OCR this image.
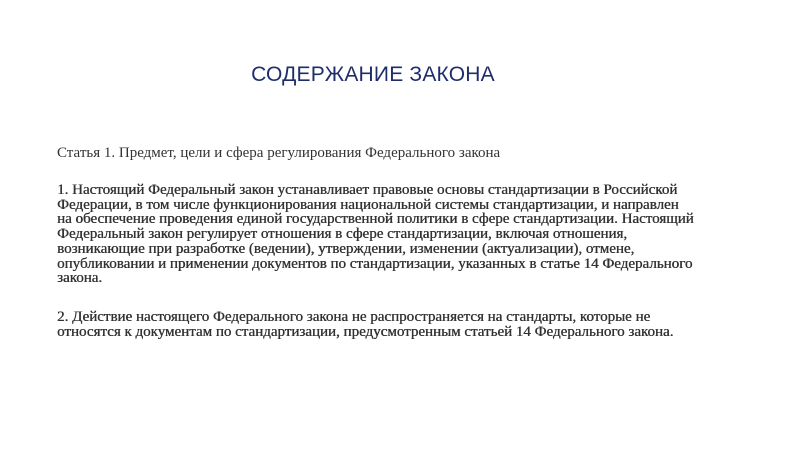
СОДЕРЖАНИЕ ЗАКОНА

Статья 1. Предмет, цели и сфера регулирования Федерального закона

1. Настоящий Федеральный закон устанавливает правовые основы стандартизации в Российской Федерации, в том числе функционирования национальной системы стандартизации, и направлен на обеспечение проведения единой государственной политики в сфере стандартизации. Настоящий Федеральный закон регулирует отношения в сфере стандартизации, включая отношения, возникающие при разработке (ведении), утверждении, изменении (актуализации), отмене, опубликовании и применении документов по стандартизации, указанных в статье 14 Федерального закона.

2. Действие настоящего Федерального закона не распространяется на стандарты, которые не относятся к документам по стандартизации, предусмотренным статьей 14 Федерального закона.
